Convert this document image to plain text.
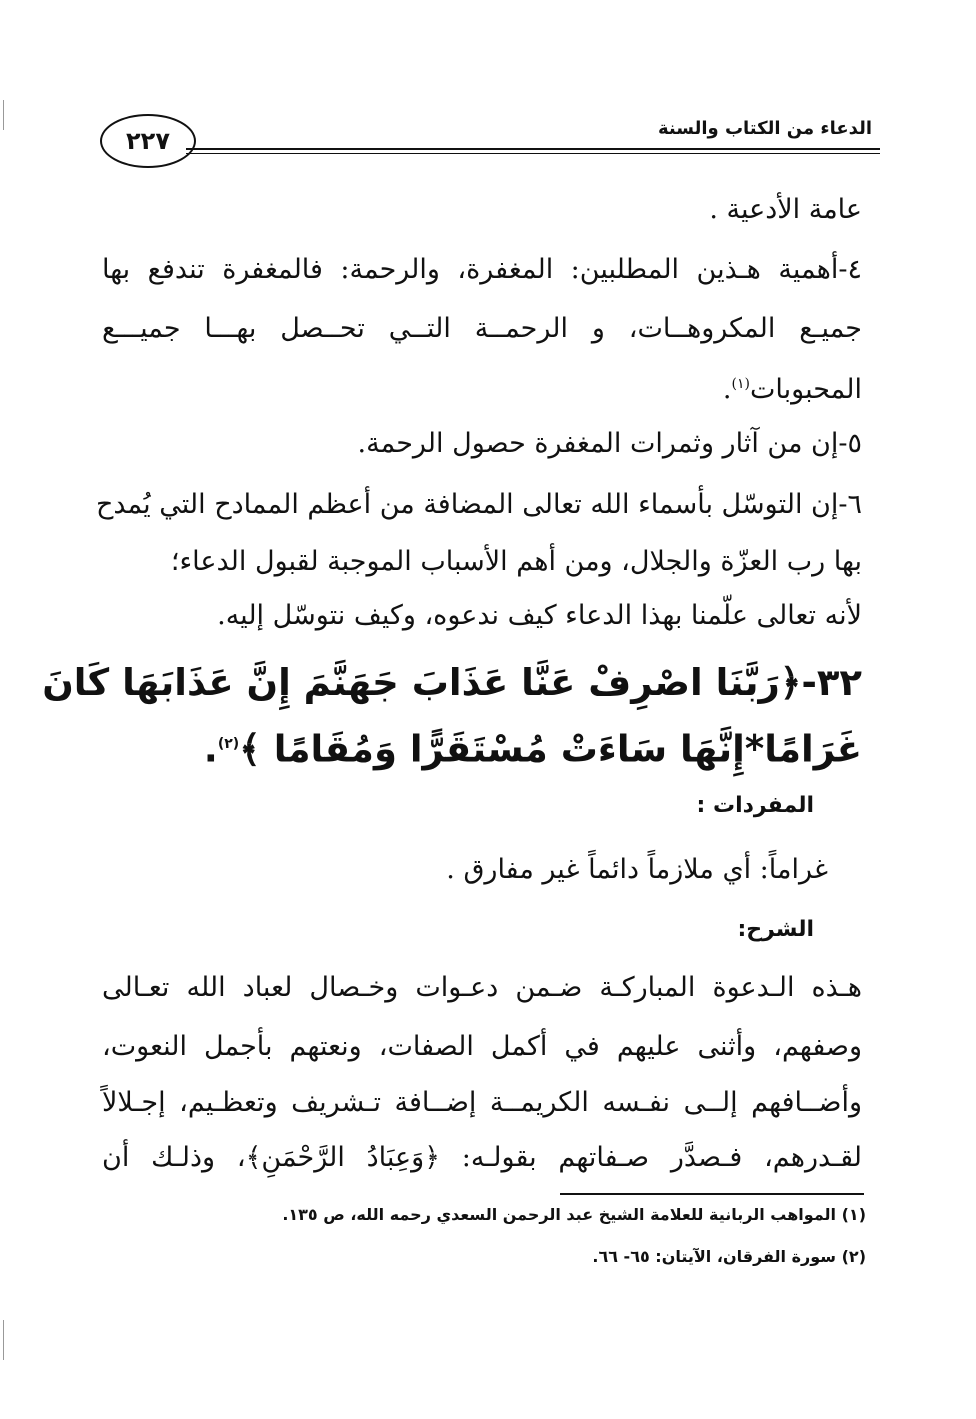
الدعاء من الكتاب والسنة
٢٢٧
عامة الأدعية .
٤-أهمية هـذين المطلبين: المغفرة، والرحمة: فالمغفرة تندفع بها
جميـع المكروهــات، و الرحمــة التــي تحــصل بهـــا جميـــع
المحبوبات$^{(١)}$.
٥-إن من آثار وثمرات المغفرة حصول الرحمة.
٦-إن التوسّل بأسماء الله تعالى المضافة من أعظم الممادح التي يُمدح
بها رب العزّة والجلال، ومن أهم الأسباب الموجبة لقبول الدعاء؛
لأنه تعالى علّمنا بهذا الدعاء كيف ندعوه، وكيف نتوسّل إليه.
٣٢-﴿رَبَّنَا اصْرِفْ عَنَّا عَذَابَ جَهَنَّمَ إِنَّ عَذَابَهَا كَانَ
غَرَامًا*إِنَّهَا سَاءَتْ مُسْتَقَرًّا وَمُقَامًا ﴾$^{(٢)}$.
المفردات :
غراماً: أي ملازماً دائماً غير مفارق .
الشرح:
هـذه الـدعوة المباركـة ضـمن دعـوات وخـصال لعباد الله تعـالى
وصفهم، وأثنى عليهم في أكمل الصفات، ونعتهم بأجمل النعوت،
وأضــافهم إلــى نفـسه الكريمــة إضــافة تـشريف وتعظـيم، إجـلالاً
لقـدرهم، فـصدَّر صـفاتهم بقولـه: ﴿وَعِبَادُ الرَّحْمَنِ﴾، وذلـك أن
(١) المواهب الربانية للعلامة الشيخ عبد الرحمن السعدي رحمه الله، ص ١٣٥.
(٢) سورة الفرقان، الآيتان: ٦٥- ٦٦.
